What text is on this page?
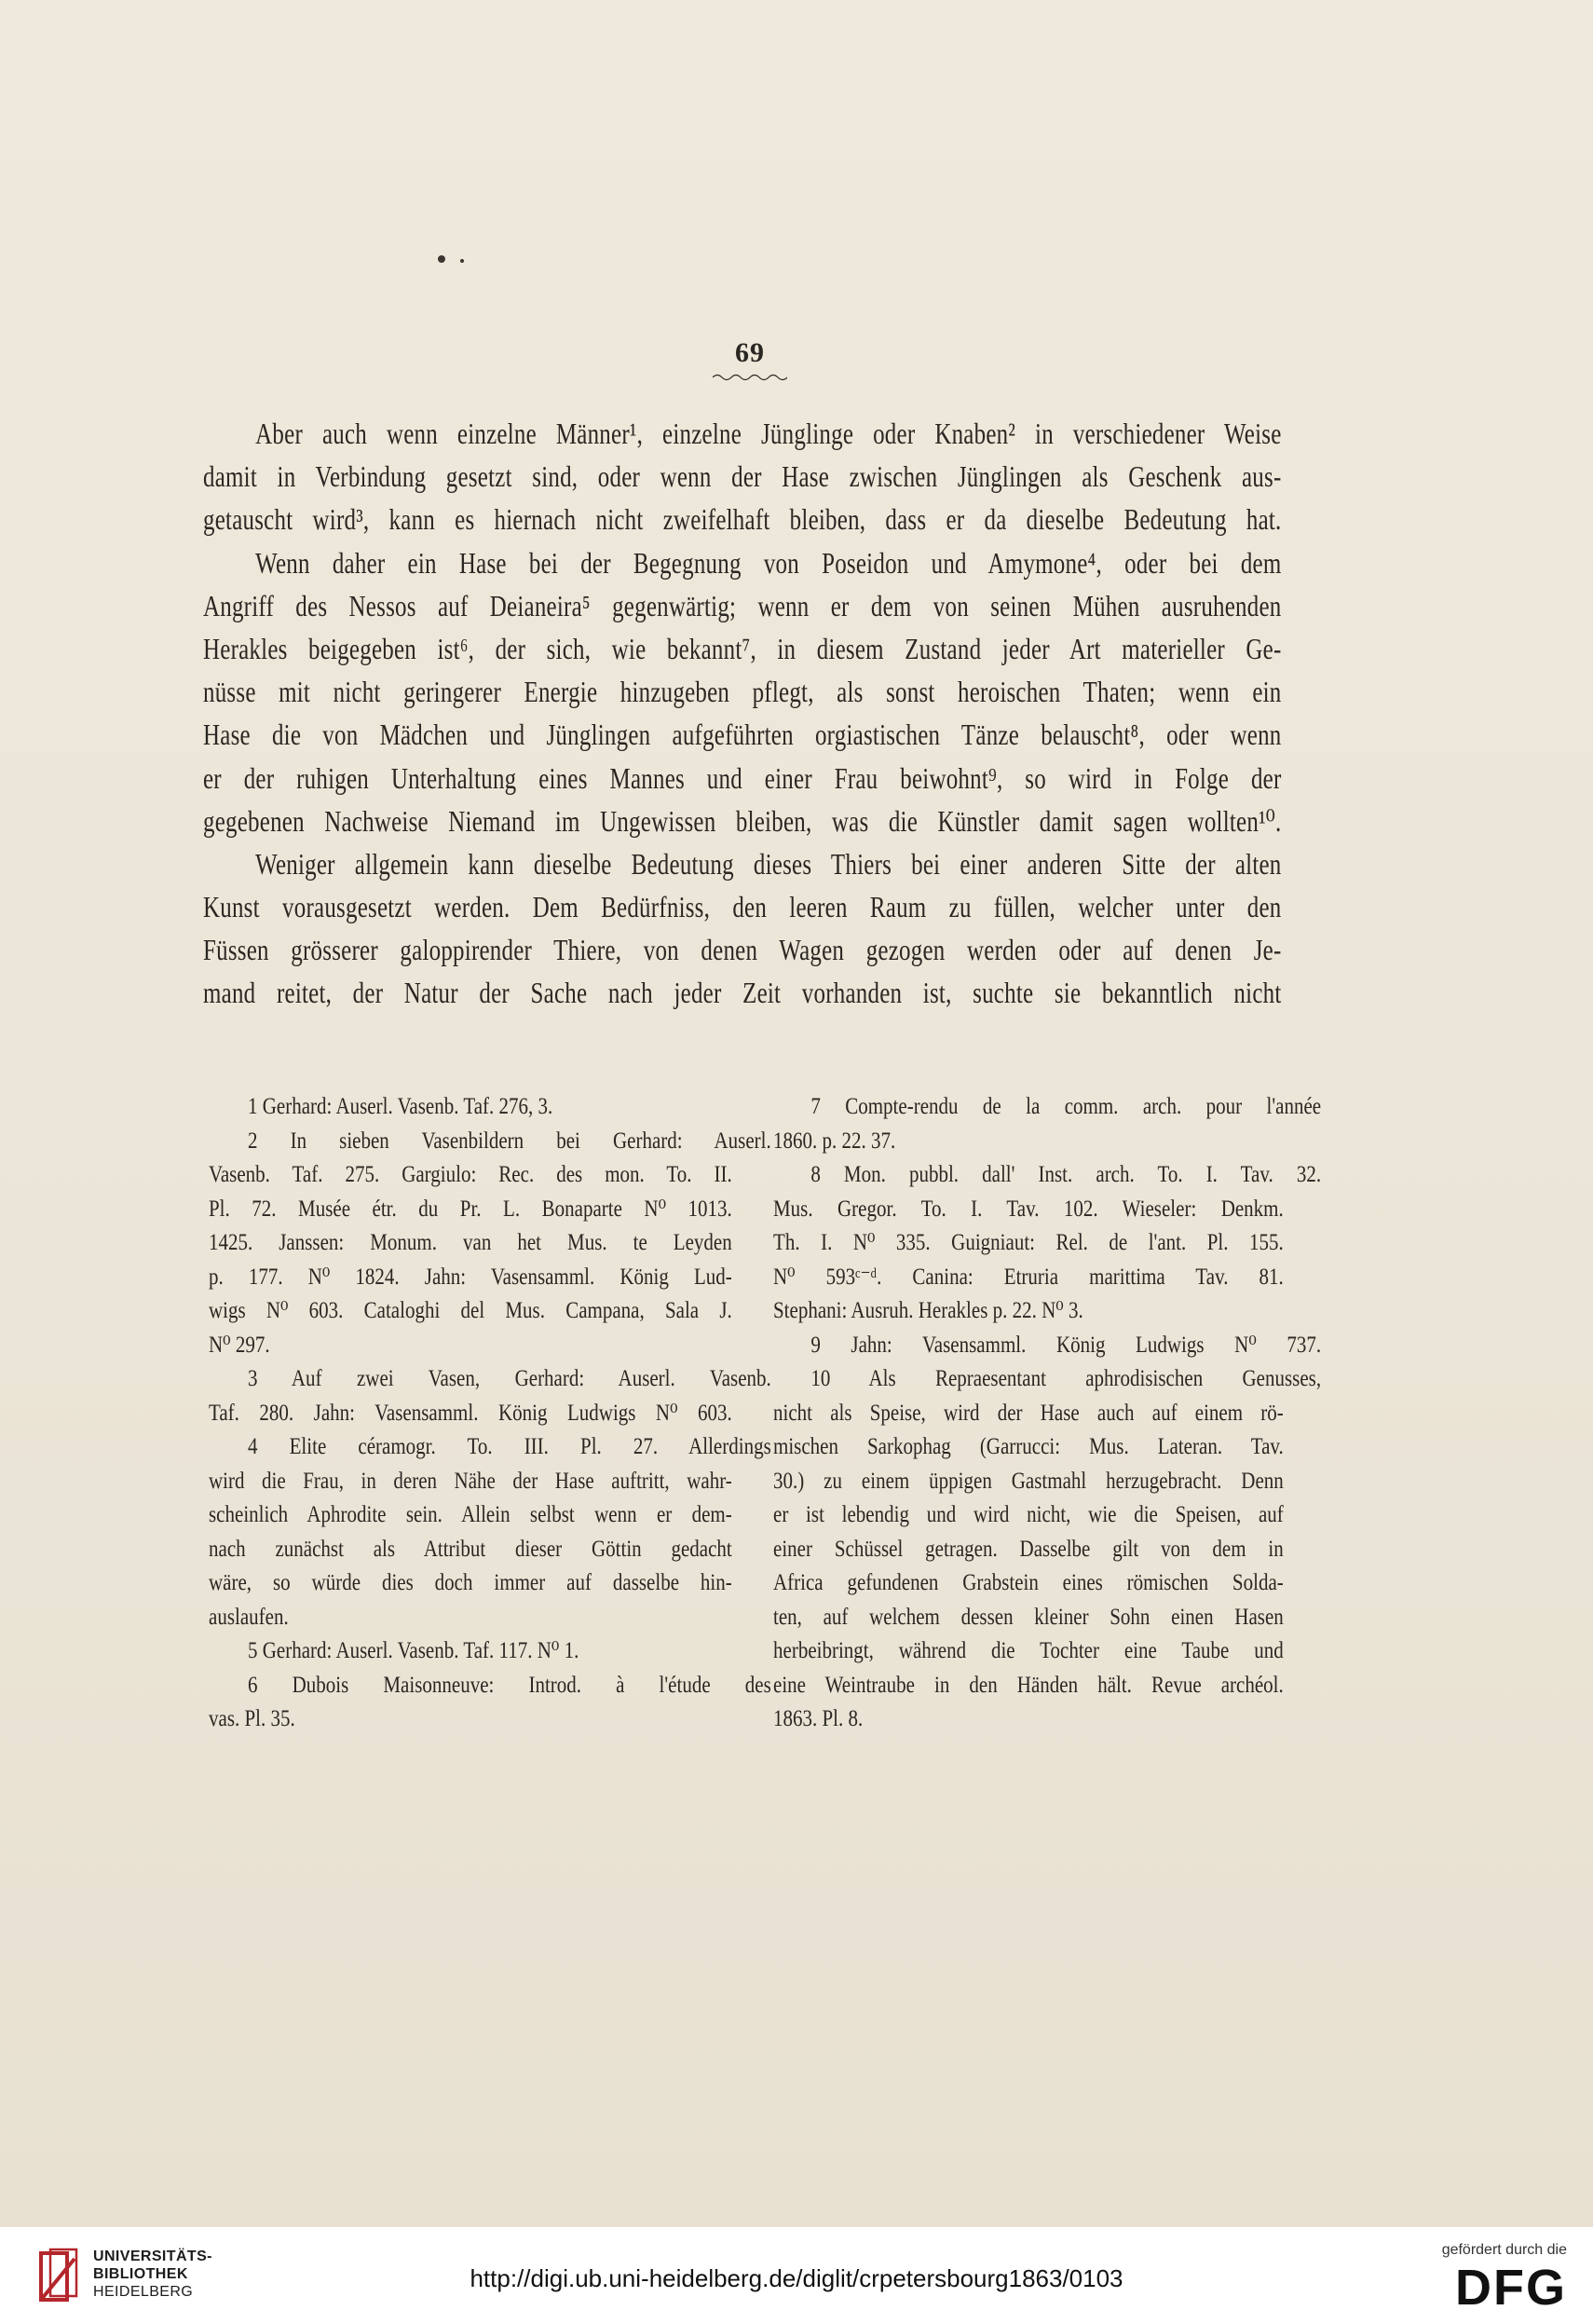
69
Aber auch wenn einzelne Männer¹, einzelne Jünglinge oder Knaben² in verschiedener Weise
damit in Verbindung gesetzt sind, oder wenn der Hase zwischen Jünglingen als Geschenk aus-
getauscht wird³, kann es hiernach nicht zweifelhaft bleiben, dass er da dieselbe Bedeutung hat.
Wenn daher ein Hase bei der Begegnung von Poseidon und Amymone⁴, oder bei dem
Angriff des Nessos auf Deianeira⁵ gegenwärtig; wenn er dem von seinen Mühen ausruhenden
Herakles beigegeben ist⁶, der sich, wie bekannt⁷, in diesem Zustand jeder Art materieller Ge-
nüsse mit nicht geringerer Energie hinzugeben pflegt, als sonst heroischen Thaten; wenn ein
Hase die von Mädchen und Jünglingen aufgeführten orgiastischen Tänze belauscht⁸, oder wenn
er der ruhigen Unterhaltung eines Mannes und einer Frau beiwohnt⁹, so wird in Folge der
gegebenen Nachweise Niemand im Ungewissen bleiben, was die Künstler damit sagen wollten¹⁰.
Weniger allgemein kann dieselbe Bedeutung dieses Thiers bei einer anderen Sitte der alten
Kunst vorausgesetzt werden. Dem Bedürfniss, den leeren Raum zu füllen, welcher unter den
Füssen grösserer galoppirender Thiere, von denen Wagen gezogen werden oder auf denen Je-
mand reitet, der Natur der Sache nach jeder Zeit vorhanden ist, suchte sie bekanntlich nicht
1 Gerhard: Auserl. Vasenb. Taf. 276, 3.
2 In sieben Vasenbildern bei Gerhard: Auserl.
Vasenb. Taf. 275. Gargiulo: Rec. des mon. To. II.
Pl. 72. Musée étr. du Pr. L. Bonaparte N⁰ 1013.
1425. Janssen: Monum. van het Mus. te Leyden
p. 177. N⁰ 1824. Jahn: Vasensamml. König Lud-
wigs N⁰ 603. Cataloghi del Mus. Campana, Sala J.
N⁰ 297.
3 Auf zwei Vasen, Gerhard: Auserl. Vasenb.
Taf. 280. Jahn: Vasensamml. König Ludwigs N⁰ 603.
4 Elite céramogr. To. III. Pl. 27. Allerdings
wird die Frau, in deren Nähe der Hase auftritt, wahr-
scheinlich Aphrodite sein. Allein selbst wenn er dem-
nach zunächst als Attribut dieser Göttin gedacht
wäre, so würde dies doch immer auf dasselbe hin-
auslaufen.
5 Gerhard: Auserl. Vasenb. Taf. 117. N⁰ 1.
6 Dubois Maisonneuve: Introd. à l'étude des
vas. Pl. 35.
7 Compte-rendu de la comm. arch. pour l'année
1860. p. 22. 37.
8 Mon. pubbl. dall' Inst. arch. To. I. Tav. 32.
Mus. Gregor. To. I. Tav. 102. Wieseler: Denkm.
Th. I. N⁰ 335. Guigniaut: Rel. de l'ant. Pl. 155.
N⁰ 593ᶜ⁻ᵈ. Canina: Etruria marittima Tav. 81.
Stephani: Ausruh. Herakles p. 22. N⁰ 3.
9 Jahn: Vasensamml. König Ludwigs N⁰ 737.
10 Als Repraesentant aphrodisischen Genusses,
nicht als Speise, wird der Hase auch auf einem rö-
mischen Sarkophag (Garrucci: Mus. Lateran. Tav.
30.) zu einem üppigen Gastmahl herzugebracht. Denn
er ist lebendig und wird nicht, wie die Speisen, auf
einer Schüssel getragen. Dasselbe gilt von dem in
Africa gefundenen Grabstein eines römischen Solda-
ten, auf welchem dessen kleiner Sohn einen Hasen
herbeibringt, während die Tochter eine Taube und
eine Weintraube in den Händen hält. Revue archéol.
1863. Pl. 8.
UNIVERSITÄTS-
BIBLIOTHEK
HEIDELBERG	http://digi.ub.uni-heidelberg.de/diglit/crpetersbourg1863/0103
gefördert durch die
DFG
